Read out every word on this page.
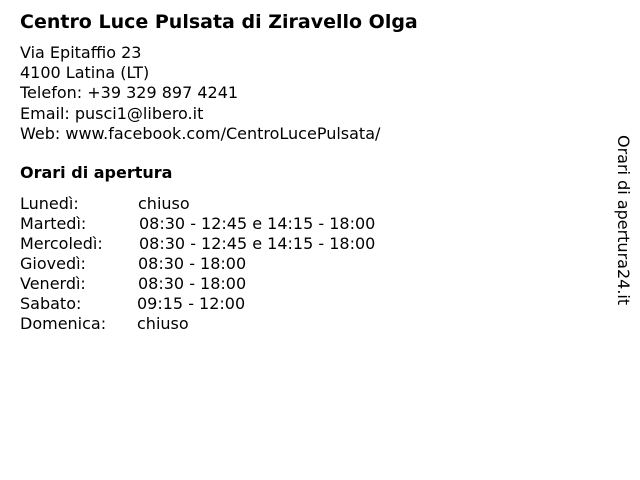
Centro Luce Pulsata di Ziravello Olga
Via Epitaffio 23
4100 Latina (LT)
Telefon: +39 329 897 4241
Email: pusci1@libero.it
Web: www.facebook.com/CentroLucePulsata/
Orari di apertura
Lunedì:	chiuso
Martedì:	08:30 - 12:45 e 14:15 - 18:00
Mercoledì: 08:30 - 12:45 e 14:15 - 18:00
Giovedì:	08:30 - 18:00
Venerdì:	08:30 - 18:00
Sabato:	09:15 - 12:00
Domenica: chiuso
Orari di apertura24.it
